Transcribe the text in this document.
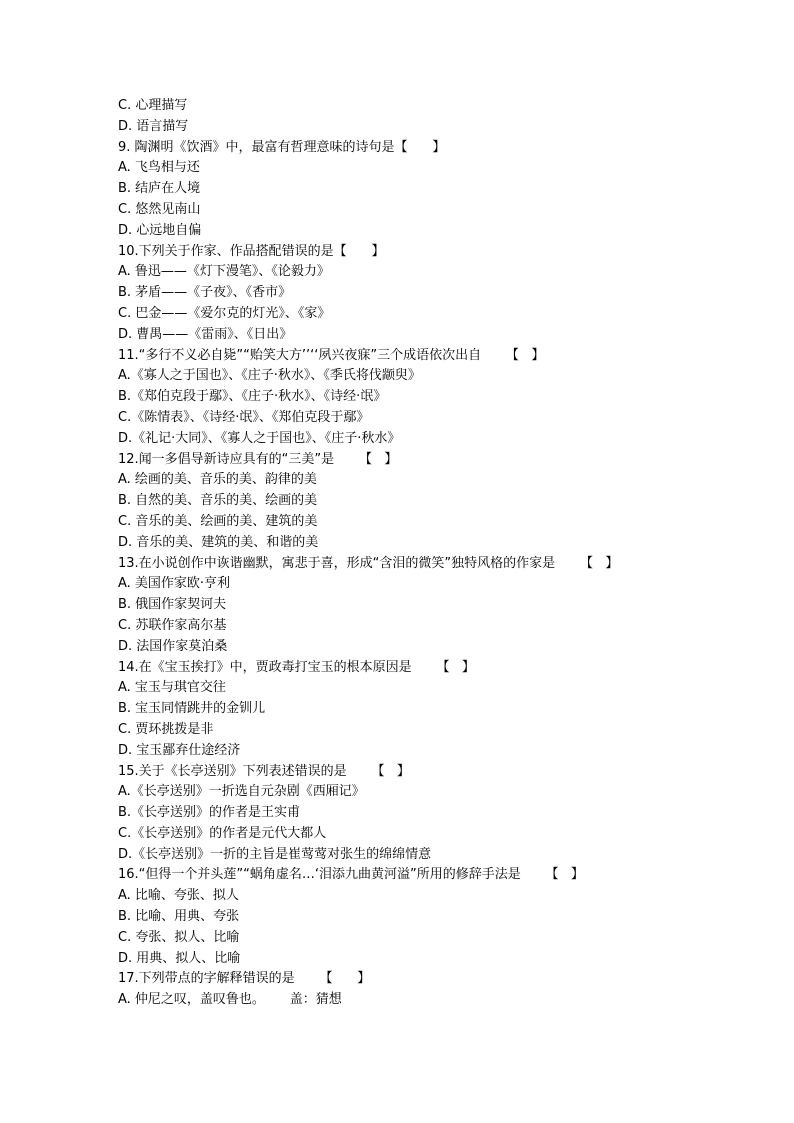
C. 心理描写
D. 语言描写
9. 陶渊明《饮酒》中，最富有哲理意味的诗句是【      】
A. 飞鸟相与还
B. 结庐在人境
C. 悠然见南山
D. 心远地自偏
10.下列关于作家、作品搭配错误的是【      】
A. 鲁迅——《灯下漫笔》、《论毅力》
B. 茅盾——《子夜》、《香市》
C. 巴金——《爱尔克的灯光》、《家》
D. 曹禺——《雷雨》、《日出》
11.“多行不义必自毙”“贻笑大方’’‘‘夙兴夜寐”三个成语依次出自      【   】
A.《寡人之于国也》、《庄子·秋水》、《季氏将伐颛臾》
B.《郑伯克段于鄢》、《庄子·秋水》、《诗经·氓》
C.《陈情表》、《诗经·氓》、《郑伯克段于鄢》
D.《礼记·大同》、《寡人之于国也》、《庄子·秋水》
12.闻一多倡导新诗应具有的“三美”是      【   】
A. 绘画的美、音乐的美、韵律的美
B. 自然的美、音乐的美、绘画的美
C. 音乐的美、绘画的美、建筑的美
D. 音乐的美、建筑的美、和谐的美
13.在小说创作中诙谐幽默，寓悲于喜，形成“含泪的微笑”独特风格的作家是      【   】
A. 美国作家欧·亨利
B. 俄国作家契诃夫
C. 苏联作家高尔基
D. 法国作家莫泊桑
14.在《宝玉挨打》中，贾政毒打宝玉的根本原因是      【   】
A. 宝玉与琪官交往
B. 宝玉同情跳井的金钏儿
C. 贾环挑拨是非
D. 宝玉鄙弃仕途经济
15.关于《长亭送别》下列表述错误的是      【   】
A.《长亭送别》一折选自元杂剧《西厢记》
B.《长亭送别》的作者是王实甫
C.《长亭送别》的作者是元代大都人
D.《长亭送别》一折的主旨是崔莺莺对张生的绵绵情意
16.“但得一个并头莲”“蜗角虚名…‘泪添九曲黄河溢”所用的修辞手法是      【   】
A. 比喻、夸张、拟人
B. 比喻、用典、夸张
C. 夸张、拟人、比喻
D. 用典、拟人、比喻
17.下列带点的字解释错误的是      【      】
A. 仲尼之叹，盖叹鲁也。      盖：猜想
